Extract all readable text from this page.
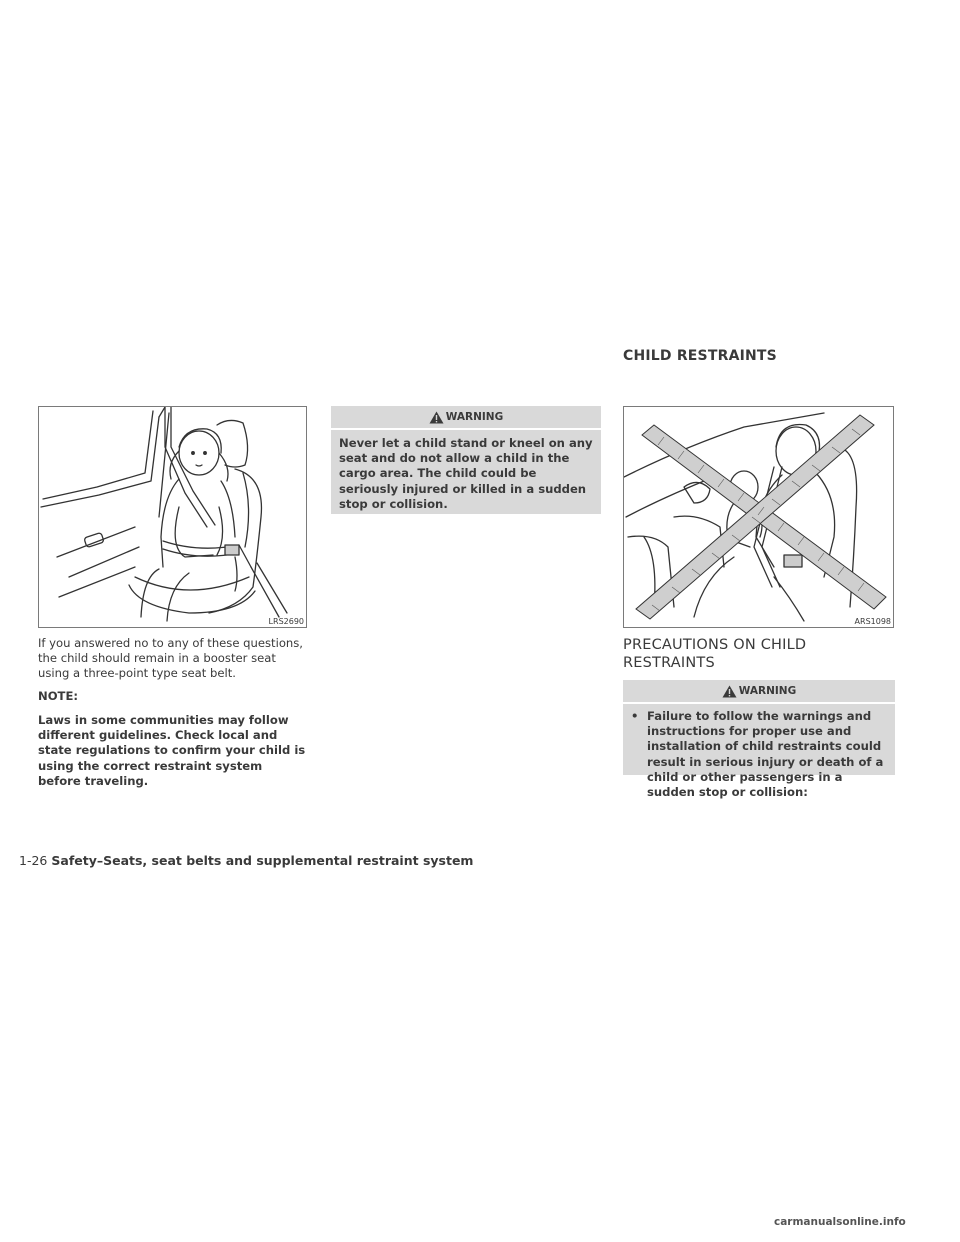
CHILD RESTRAINTS
LRS2690
If you answered no to any of these questions, the child should remain in a booster seat using a three-point type seat belt.
NOTE:
Laws in some communities may follow different guidelines. Check local and state regulations to confirm your child is using the correct restraint system before traveling.
WARNING
Never let a child stand or kneel on any seat and do not allow a child in the cargo area. The child could be seriously injured or killed in a sudden stop or collision.
ARS1098
PRECAUTIONS ON CHILD
RESTRAINTS
WARNING
• Failure to follow the warnings and instructions for proper use and installation of child restraints could result in serious injury or death of a child or other passengers in a sudden stop or collision:
1-26 Safety–Seats, seat belts and supplemental restraint system
carmanualsonline.info
